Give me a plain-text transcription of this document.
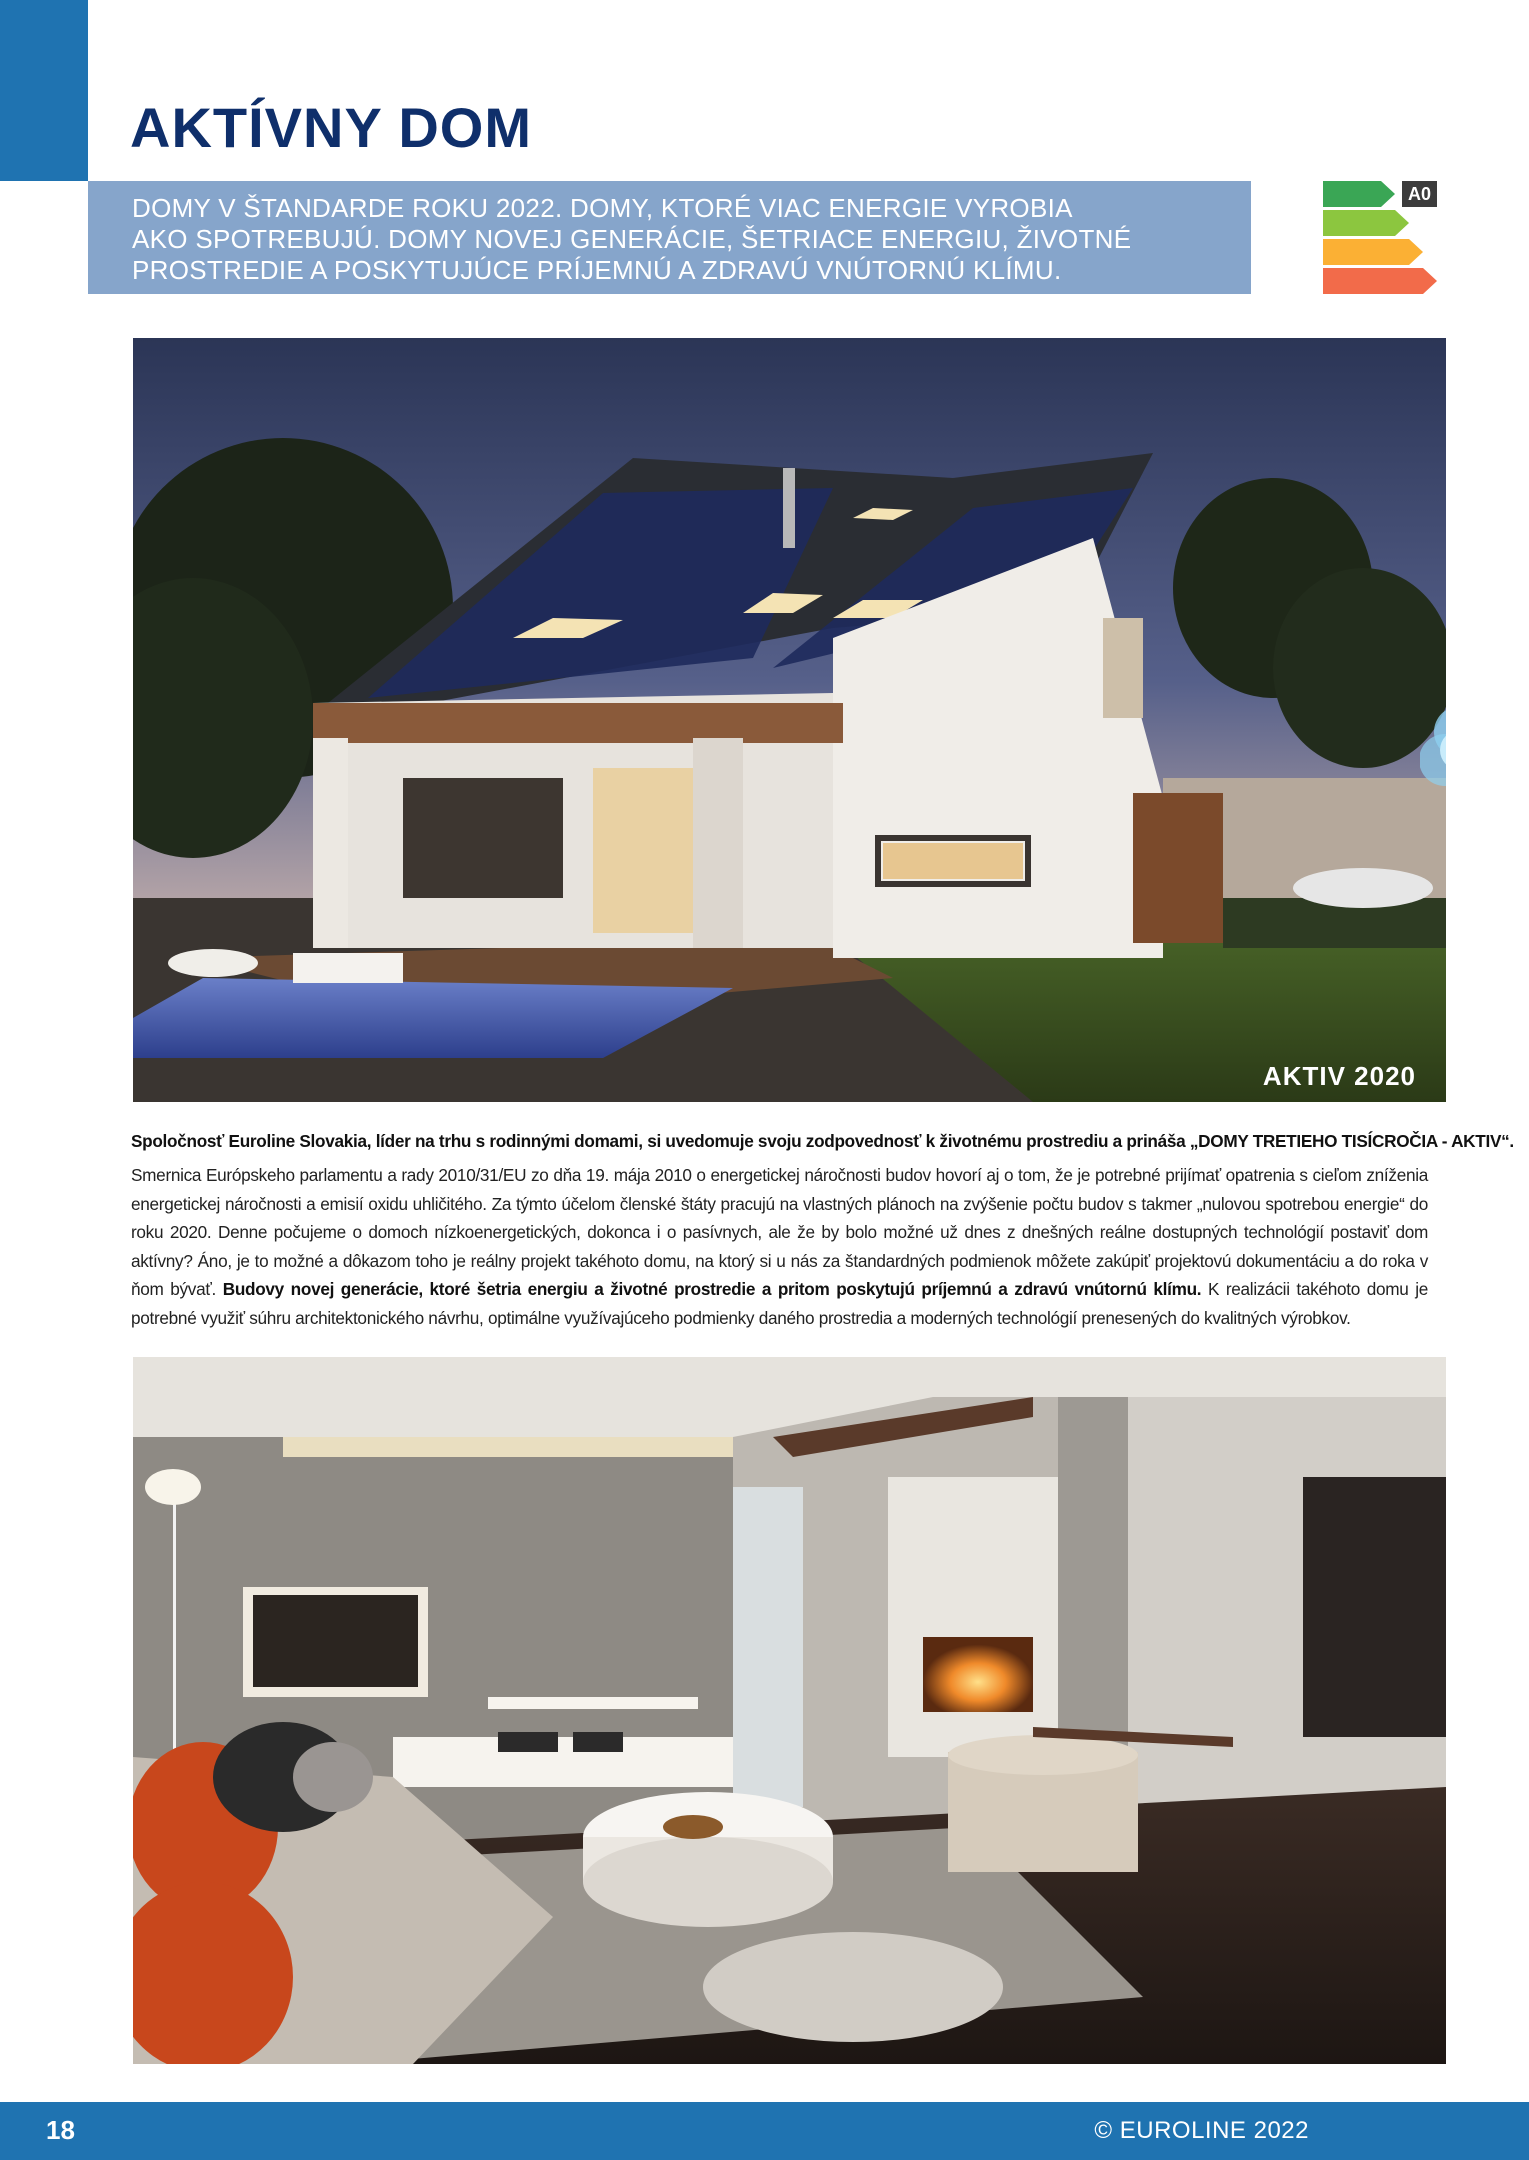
AKTÍVNY DOM

DOMY V ŠTANDARDE ROKU 2022. DOMY, KTORÉ VIAC ENERGIE VYROBIA

AKO SPOTREBUJÚ. DOMY NOVEJ GENERÁCIE, ŠETRIACE ENERGIU, ŽIVOTNÉ

PROSTREDIE A POSKYTUJÚCE PRÍJEMNÚ A ZDRAVÚ VNÚTORNÚ KLÍMU.

A0
AKTIV 2020

Spoločnosť Euroline Slovakia, líder na trhu s rodinnými domami, si uvedomuje svoju zodpovednosť k životnému prostrediu a prináša „DOMY TRETIEHO TISÍCROČIA - AKTIV“.

Smernica Európskeho parlamentu a rady 2010/31/EU zo dňa 19. mája 2010 o energetickej náročnosti budov hovorí aj o tom, že je potrebné prijímať opatrenia s cieľom zníženia energetickej náročnosti a emisií oxidu uhličitého. Za týmto účelom členské štáty pracujú na vlastných plánoch na zvýšenie počtu budov s takmer „nulovou spotrebou energie“ do roku 2020. Denne počujeme o domoch nízkoenergetických, dokonca i o pasívnych, ale že by bolo možné už dnes z dnešných reálne dostupných technológií postaviť dom aktívny? Áno, je to možné a dôkazom toho je reálny projekt takéhoto domu, na ktorý si u nás za štandardných podmienok môžete zakúpiť projektovú dokumentáciu a do roka v ňom bývať. Budovy novej generácie, ktoré šetria energiu a životné prostredie a pritom poskytujú príjemnú a zdravú vnútornú klímu. K realizácii takéhoto domu je potrebné využiť súhru architektonického návrhu, optimálne využívajúceho podmienky daného prostredia a moderných technológií prenesených do kvalitných výrobkov.

18	© EUROLINE 2022
